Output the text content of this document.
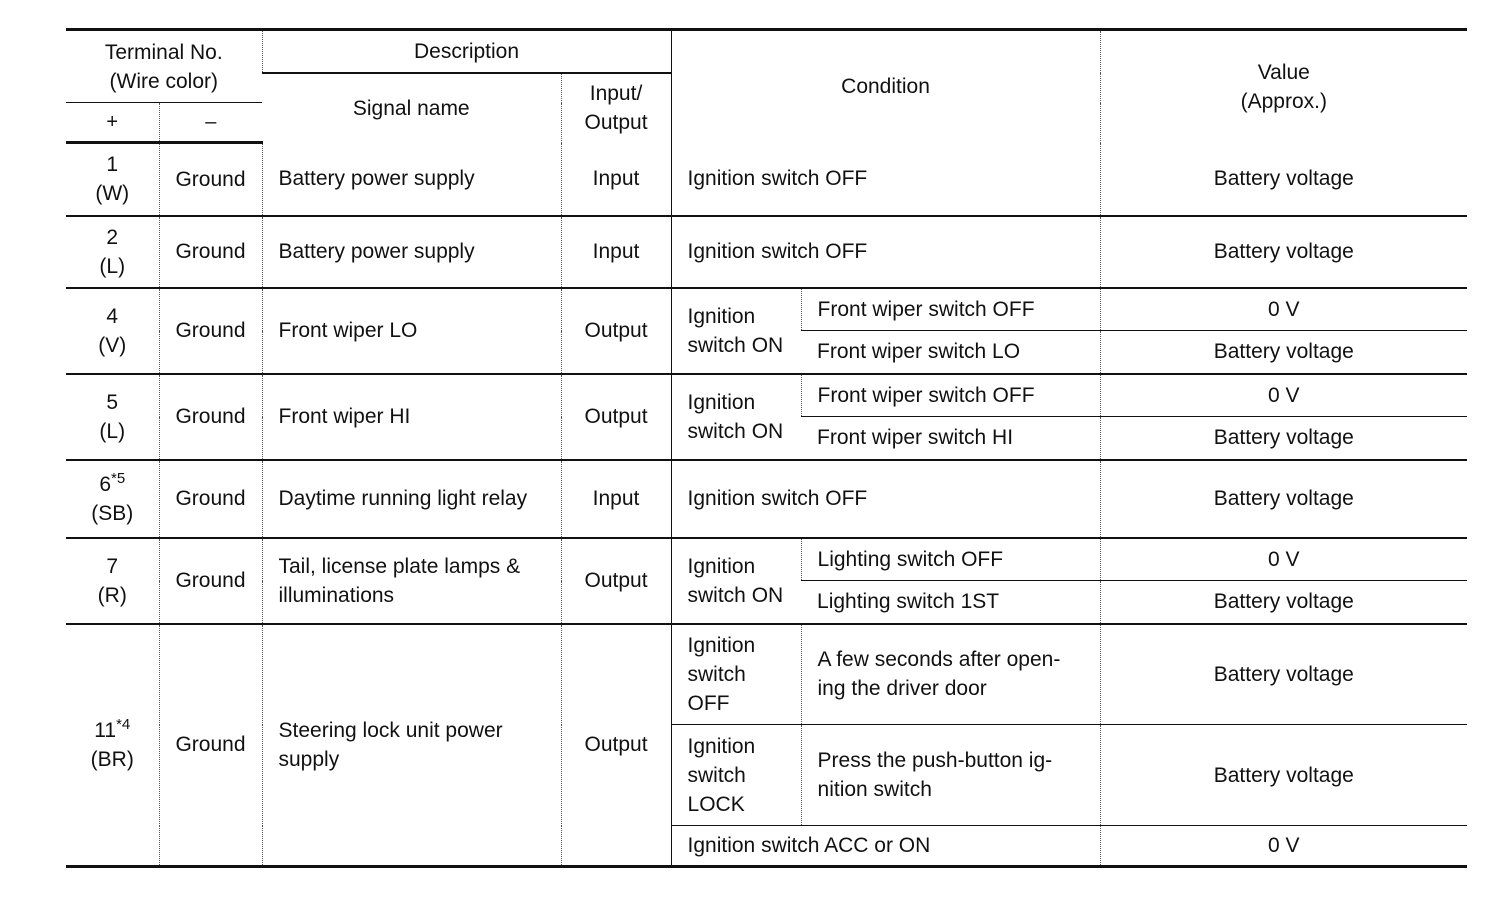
Terminal No.
(Wire color)		Description		Condition		Value
(Approx.)
		Signal name	Input/
Output			
+	–					
1
(W)	Ground	Battery power supply	Input	Ignition switch OFF		Battery voltage
2
(L)	Ground	Battery power supply	Input	Ignition switch OFF		Battery voltage
4
(V)	Ground	Front wiper LO	Output	Ignition
switch ON	Front wiper switch OFF	0 V
					Front wiper switch LO	Battery voltage
5
(L)	Ground	Front wiper HI	Output	Ignition
switch ON	Front wiper switch OFF	0 V
					Front wiper switch HI	Battery voltage
6$^{*5}$
(SB)	Ground	Daytime running light relay	Input	Ignition switch OFF		Battery voltage
7
(R)	Ground	Tail, license plate lamps &
illuminations	Output	Ignition
switch ON	Lighting switch OFF	0 V
					Lighting switch 1ST	Battery voltage
11$^{*4}$
(BR)	Ground	Steering lock unit power
supply	Output	Ignition
switch
OFF	A few seconds after open-
ing the driver door	Battery voltage
				Ignition
switch
LOCK	Press the push-button ig-
nition switch	Battery voltage
				Ignition switch ACC or ON		0 V
